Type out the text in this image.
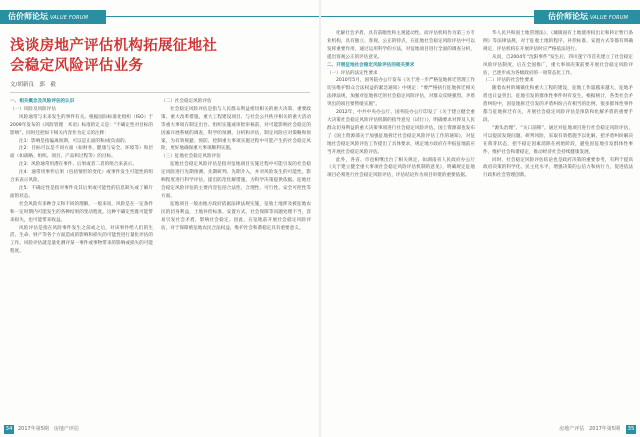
估价师论坛 VALUE FORUM
浅谈房地产评估机构拓展征地社会稳定风险评估业务
文/胡新良　郭　毅

一、相关概念及风险评估的认识

（一）风险及风险评估

风险通常与未来发生的事件有关。根据国际标准化组织（ISO）于2009年发布的《风险管理　术语》标准的定义是：“不确定性对目标的影响”。同时还把如下相关内容作为定义的注释：

注1：影响是指偏离预期，可以是正面的和/或负面的。

注2：目标可以是不同方面（如财务、健康与安全、环境等）和层面（如战略、组织、项目、产品和过程等）的目标。

注3：风险通常用潜在事件、后果或者二者的组合来表示。

注4：通常用事件后果（包括情形的变化）或事件发生可能性的组合来表示风险。

注5：不确定性是指对事件及其后果或可能性的信息缺失或了解片面的状态。

社会风险有多种含义和不同的理解，一般来说，风险是在一定条件和一定时期内可能发生的各种结果的变动程度。这种不确定性既可能带来损失，也可能带来收益。

风险评估是指在风险事件发生之前或之后，对该事件给人们的生活、生命、财产等各个方面造成的影响和损失的可能性进行量化评估的工作。风险评估就是量化测评某一事件或事物带来的影响或损失的可能程度。

（二）社会稳定风险评估

社会稳定风险评估是指与人民群众利益密切相关的重大决策、重要政策、重大改革措施、重大工程建设项目、与社会公共秩序相关的重大活动等重大事项在制定出台、组织实施或审批审核前，对可能影响社会稳定的因素开展系统的调查，科学的预测、分析和评估，制定风险应对策略和预案，为有效规避、预防、控制重大事项实施过程中可能产生的社会稳定风险，更好地确保重大事项顺利实施。

（三）征地社会稳定风险评估

征地社会稳定风险评估是指对征地项目实施过程中可能引发的社会稳定风险进行先期预测、先期研判、先期介入，并对风险发生的可能性、影响程度进行科学评估，提出防范化解措施，为科学决策提供依据。征地社会稳定风险评估的主要内容包括合法性、合理性、可行性、安全可控性等方面。

征地项目一般由地方政府依据法律法规实施，征收土地涉及被征地农民的切身利益，土地补偿标准、安置方式、社会保障等问题处理不当，容易引发社会矛盾，影响社会稳定。因此，在征地前开展社会稳定风险评估，对于保障被征地农民合法权益，维护社会和谐稳定具有重要意义。

34	2017年第5期　房地产评估
估价师论坛 VALUE FORUM

化解社会矛盾，具有前瞻性和主观能动性。而评估机构作为第三方专业机构，具有独立、客观、公正的特点，在征地社会稳定风险评估中可以发挥重要作用，通过运用科学的方法，对征地项目进行全面的调查分析，提出客观公正的评估意见。

二、开展征地社会稳定风险评估的相关要求

（一）评估的法定性要求

2010年5月，国务院办公厅发布《关于进一步严格征地拆迁管理工作切实维护群众合法权益的紧急通知》中规定：“要严格执行征地拆迁相关法律法规，加强对征地拆迁的社会稳定风险评估，对群众反映强烈、矛盾突出的项目要暂缓实施”。

2012年，中共中央办公厅、国务院办公厅印发了《关于建立健全重大决策社会稳定风险评估机制的指导意见（试行）》，明确要求对涉及人民群众切身利益的重大决策事项进行社会稳定风险评估。国土资源部也发布了《国土资源部关于加强征地拆迁社会稳定风险评估工作的通知》，对征地社会稳定风险评估工作提出了具体要求，规定地方政府在申报征地前应当开展社会稳定风险评估。

此外，各省、市也相继出台了相关规定，如湖南省人民政府办公厅《关于建立健全重大事项社会稳定风险评估机制的意见》，明确规定征地项目必须进行社会稳定风险评估，评估结论作为项目审批的重要依据。

华人民共和国土地管理法》、《城镇国有土地使用权出让和转让暂行条例》等法律法规，对于征收土地的程序、补偿标准、安置方式等都有明确规定，评估机构在开展评估时应严格依法进行。

从而，自2004年“沈阳事件”发生后，四川遂宁市首先建立了社会稳定风险评估制度，后在全国推广，重大事项决策前要开展社会稳定风险评估，已逐步成为各级政府的一项常态化工作。

（二）评估的社会性要求

随着农村的城镇化和重大工程的建设，征地工作量越来越大，征地矛盾也日益突出，征地引发的群体性事件时有发生。根据统计，各类社会矛盾纠纷中，因征地拆迁引发的矛盾纠纷占有相当的比例，很多群体性事件都与征地拆迁有关，开展社会稳定风险评估是预防和化解矛盾的重要手段。

“源头治理”、“关口前移”。通过对征地项目进行社会稳定风险评估，可以提前发现问题、研判风险，采取有效措施予以化解，把矛盾纠纷解决在萌芽状态，把不稳定因素消除在初始阶段，避免因征地引发群体性事件，维护社会和谐稳定，推动经济社会持续健康发展。

同时，社会稳定风险评估结论也是政府决策的重要参考，有利于提高政府决策的科学化、民主化水平，增强决策的公信力和执行力，促进依法行政和社会管理创新。

房地产评估　2017年第5期 35
